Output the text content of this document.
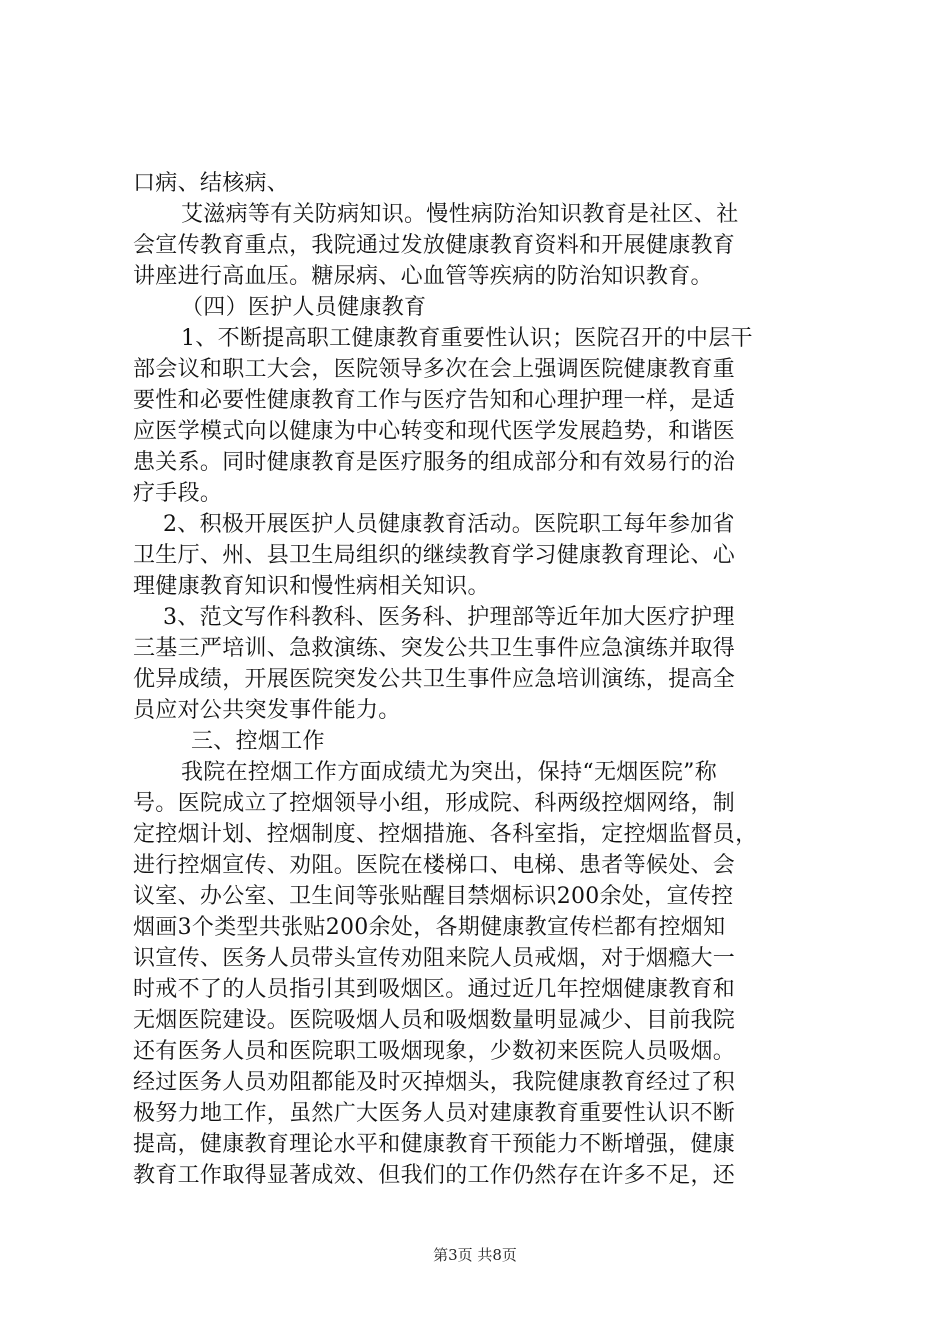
口病、结核病、
艾滋病等有关防病知识。慢性病防治知识教育是社区、社
会宣传教育重点，我院通过发放健康教育资料和开展健康教育
讲座进行高血压。糖尿病、心血管等疾病的防治知识教育。
（四）医护人员健康教育
1、不断提高职工健康教育重要性认识；医院召开的中层干
部会议和职工大会，医院领导多次在会上强调医院健康教育重
要性和必要性健康教育工作与医疗告知和心理护理一样，是适
应医学模式向以健康为中心转变和现代医学发展趋势，和谐医
患关系。同时健康教育是医疗服务的组成部分和有效易行的治
疗手段。
2、积极开展医护人员健康教育活动。医院职工每年参加省
卫生厅、州、县卫生局组织的继续教育学习健康教育理论、心
理健康教育知识和慢性病相关知识。
3、范文写作科教科、医务科、护理部等近年加大医疗护理
三基三严培训、急救演练、突发公共卫生事件应急演练并取得
优异成绩，开展医院突发公共卫生事件应急培训演练，提高全
员应对公共突发事件能力。
三、控烟工作
我院在控烟工作方面成绩尤为突出，保持“无烟医院”称
号。医院成立了控烟领导小组，形成院、科两级控烟网络，制
定控烟计划、控烟制度、控烟措施、各科室指，定控烟监督员，
进行控烟宣传、劝阻。医院在楼梯口、电梯、患者等候处、会
议室、办公室、卫生间等张贴醒目禁烟标识200余处，宣传控
烟画3个类型共张贴200余处，各期健康教宣传栏都有控烟知
识宣传、医务人员带头宣传劝阻来院人员戒烟，对于烟瘾大一
时戒不了的人员指引其到吸烟区。通过近几年控烟健康教育和
无烟医院建设。医院吸烟人员和吸烟数量明显减少、目前我院
还有医务人员和医院职工吸烟现象，少数初来医院人员吸烟。
经过医务人员劝阻都能及时灭掉烟头，我院健康教育经过了积
极努力地工作，虽然广大医务人员对建康教育重要性认识不断
提高，健康教育理论水平和健康教育干预能力不断增强，健康
教育工作取得显著成效、但我们的工作仍然存在许多不足，还
第3页 共8页
